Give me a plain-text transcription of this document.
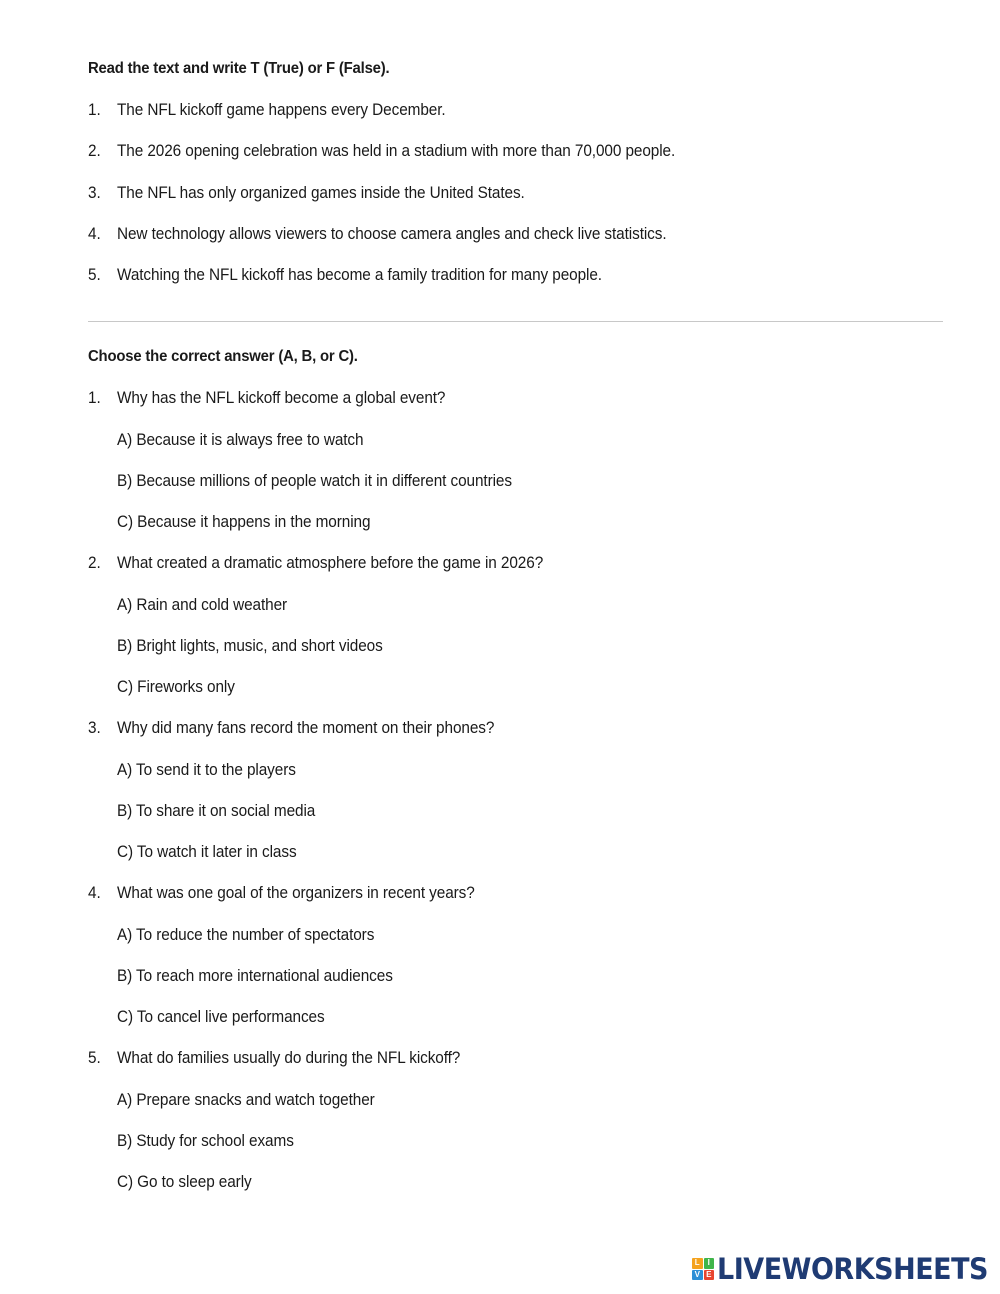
Read the text and write T (True) or F (False).
1. The NFL kickoff game happens every December.
2. The 2026 opening celebration was held in a stadium with more than 70,000 people.
3. The NFL has only organized games inside the United States.
4. New technology allows viewers to choose camera angles and check live statistics.
5. Watching the NFL kickoff has become a family tradition for many people.
Choose the correct answer (A, B, or C).
1. Why has the NFL kickoff become a global event?
A) Because it is always free to watch
B) Because millions of people watch it in different countries
C) Because it happens in the morning
2. What created a dramatic atmosphere before the game in 2026?
A) Rain and cold weather
B) Bright lights, music, and short videos
C) Fireworks only
3. Why did many fans record the moment on their phones?
A) To send it to the players
B) To share it on social media
C) To watch it later in class
4. What was one goal of the organizers in recent years?
A) To reduce the number of spectators
B) To reach more international audiences
C) To cancel live performances
5. What do families usually do during the NFL kickoff?
A) Prepare snacks and watch together
B) Study for school exams
C) Go to sleep early
L I
V E LIVEWORKSHEETS
